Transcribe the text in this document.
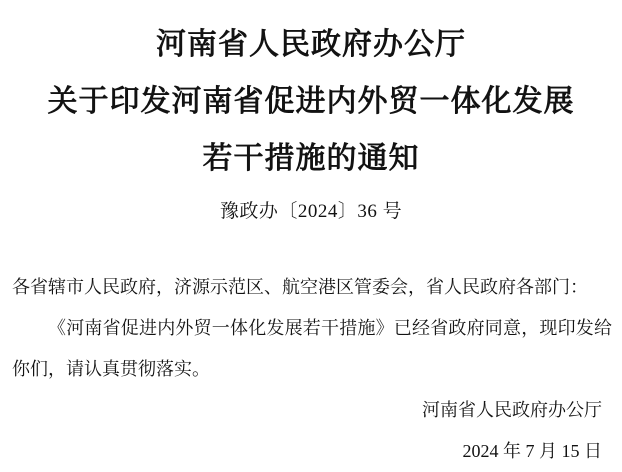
河南省人民政府办公厅
关于印发河南省促进内外贸一体化发展
若干措施的通知
豫政办〔2024〕36 号

各省辖市人民政府，济源示范区、航空港区管委会，省人民政府各部门：

《河南省促进内外贸一体化发展若干措施》已经省政府同意，现印发给你们，请认真贯彻落实。

河南省人民政府办公厅
2024 年 7 月 15 日
